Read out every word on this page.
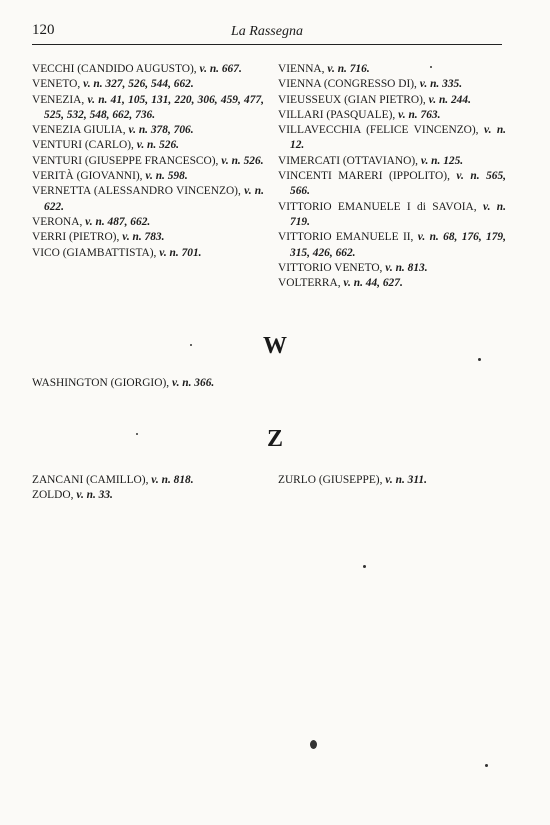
120	La Rassegna
VECCHI (CANDIDO AUGUSTO), v. n. 667.
VENETO, v. n. 327, 526, 544, 662.
VENEZIA, v. n. 41, 105, 131, 220, 306, 459, 477, 525, 532, 548, 662, 736.
VENEZIA GIULIA, v. n. 378, 706.
VENTURI (CARLO), v. n. 526.
VENTURI (GIUSEPPE FRANCESCO), v. n. 526.
VERITÀ (GIOVANNI), v. n. 598.
VERNETTA (ALESSANDRO VINCENZO), v. n. 622.
VERONA, v. n. 487, 662.
VERRI (PIETRO), v. n. 783.
VICO (GIAMBATTISTA), v. n. 701.
VIENNA, v. n. 716.
VIENNA (CONGRESSO DI), v. n. 335.
VIEUSSEUX (GIAN PIETRO), v. n. 244.
VILLARI (PASQUALE), v. n. 763.
VILLAVECCHIA (FELICE VINCENZO), v. n. 12.
VIMERCATI (OTTAVIANO), v. n. 125.
VINCENTI MARERI (IPPOLITO), v. n. 565, 566.
VITTORIO EMANUELE I di SAVOIA, v. n. 719.
VITTORIO EMANUELE II, v. n. 68, 176, 179, 315, 426, 662.
VITTORIO VENETO, v. n. 813.
VOLTERRA, v. n. 44, 627.
W
WASHINGTON (GIORGIO), v. n. 366.
Z
ZANCANI (CAMILLO), v. n. 818.
ZOLDO, v. n. 33.
ZURLO (GIUSEPPE), v. n. 311.
